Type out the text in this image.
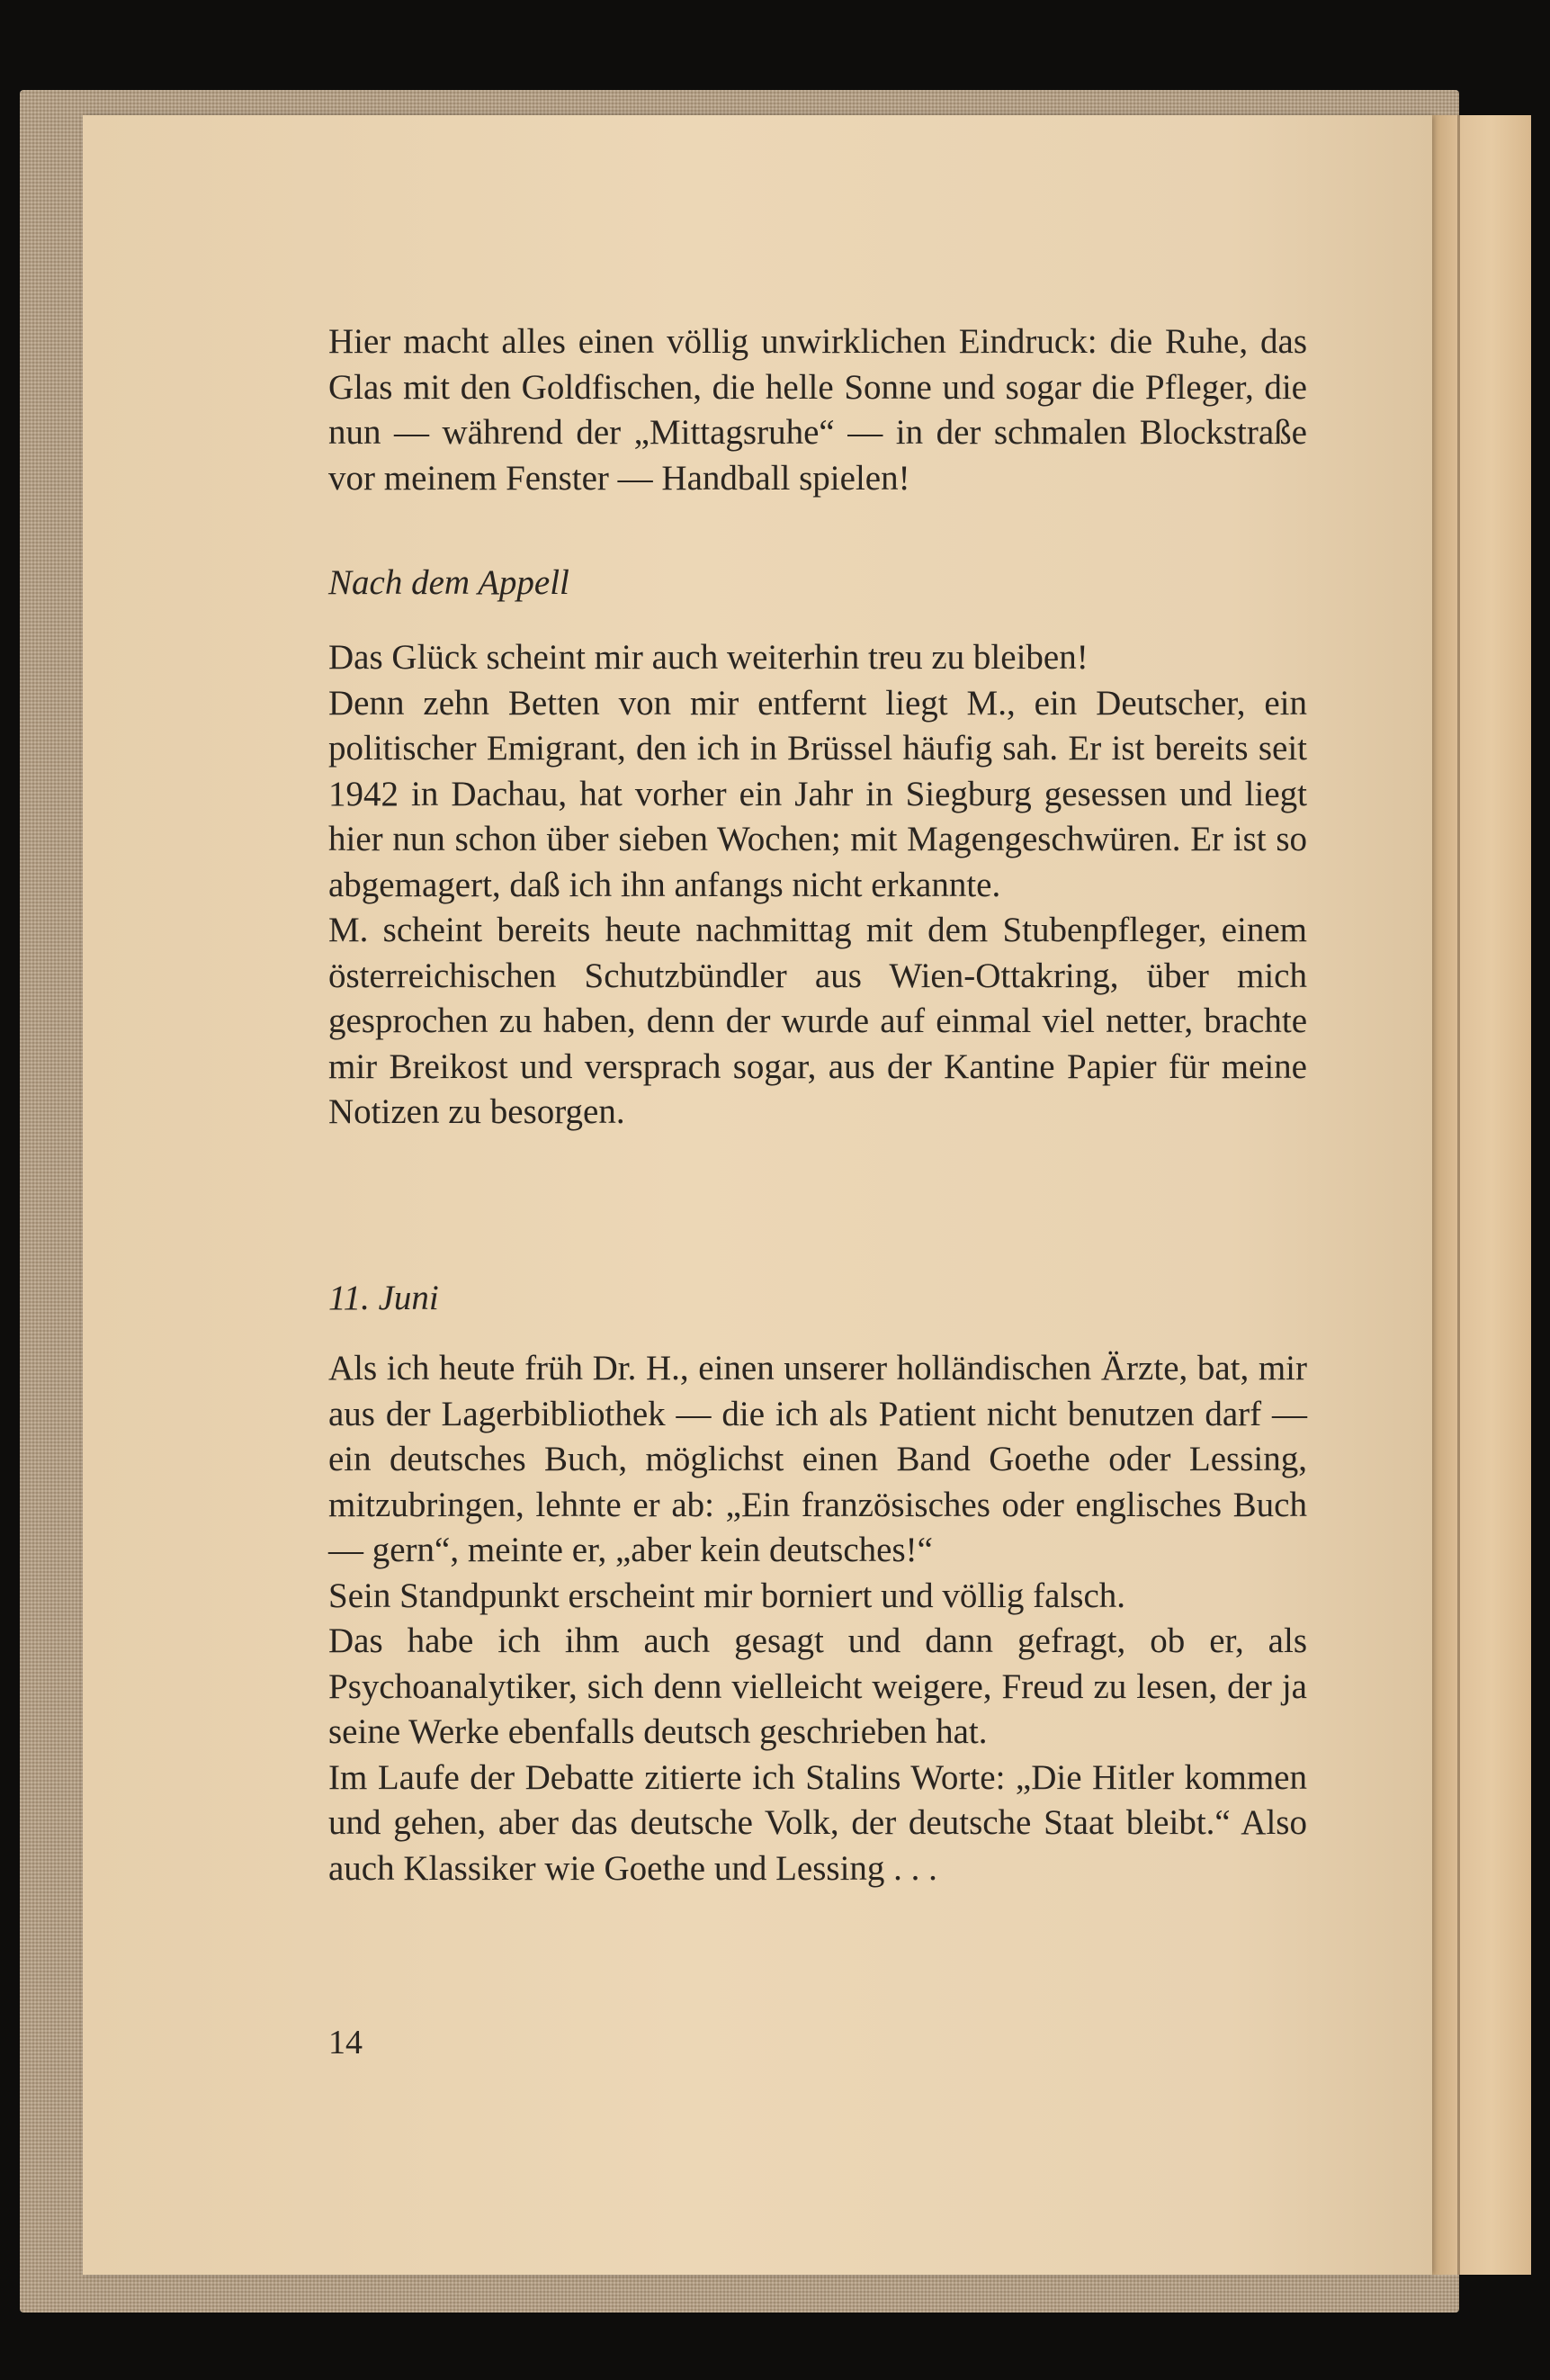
Hier macht alles einen völlig unwirklichen Eindruck: die Ruhe, das Glas mit den Goldfischen, die helle Sonne und sogar die Pfleger, die nun — während der „Mittagsruhe“ — in der schmalen Blockstraße vor meinem Fenster — Handball spielen!

Nach dem Appell

Das Glück scheint mir auch weiterhin treu zu bleiben!

Denn zehn Betten von mir entfernt liegt M., ein Deutscher, ein politischer Emigrant, den ich in Brüssel häufig sah. Er ist bereits seit 1942 in Dachau, hat vorher ein Jahr in Siegburg gesessen und liegt hier nun schon über sieben Wochen; mit Magengeschwüren. Er ist so abgemagert, daß ich ihn anfangs nicht erkannte.

M. scheint bereits heute nachmittag mit dem Stubenpfleger, einem österreichischen Schutzbündler aus Wien-Ottakring, über mich gesprochen zu haben, denn der wurde auf einmal viel netter, brachte mir Breikost und versprach sogar, aus der Kantine Papier für meine Notizen zu besorgen.

11. Juni

Als ich heute früh Dr. H., einen unserer holländischen Ärzte, bat, mir aus der Lagerbibliothek — die ich als Patient nicht benutzen darf — ein deutsches Buch, möglichst einen Band Goethe oder Lessing, mitzubringen, lehnte er ab: „Ein französisches oder englisches Buch — gern“, meinte er, „aber kein deutsches!“

Sein Standpunkt erscheint mir borniert und völlig falsch.

Das habe ich ihm auch gesagt und dann gefragt, ob er, als Psychoanalytiker, sich denn vielleicht weigere, Freud zu lesen, der ja seine Werke ebenfalls deutsch geschrieben hat.

Im Laufe der Debatte zitierte ich Stalins Worte: „Die Hitler kommen und gehen, aber das deutsche Volk, der deutsche Staat bleibt.“ Also auch Klassiker wie Goethe und Lessing . . .

14
